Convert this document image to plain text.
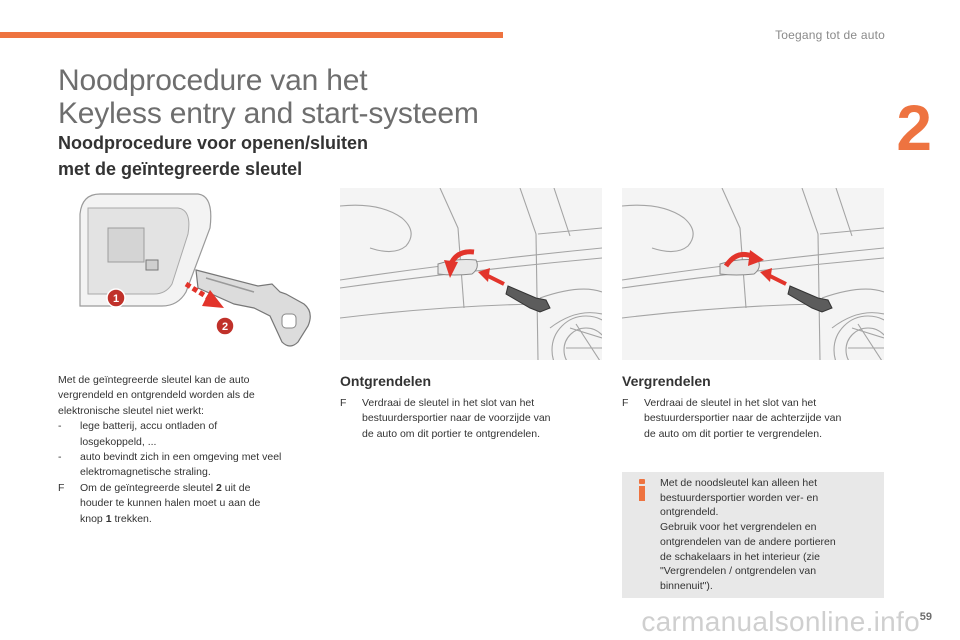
Toegang tot de auto
2
Noodprocedure van het
Keyless entry and start-systeem
Noodprocedure voor openen/sluiten
met de geïntegreerde sleutel
1
2
Met de geïntegreerde sleutel kan de auto
vergrendeld en ontgrendeld worden als de
elektronische sleutel niet werkt:
-	lege batterij, accu ontladen of
losgekoppeld, ...
-	auto bevindt zich in een omgeving met veel
elektromagnetische straling.
F	Om de geïntegreerde sleutel 2 uit de
houder te kunnen halen moet u aan de
knop 1 trekken.
Ontgrendelen
F	Verdraai de sleutel in het slot van het
bestuurdersportier naar de voorzijde van
de auto om dit portier te ontgrendelen.
Vergrendelen
F	Verdraai de sleutel in het slot van het
bestuurdersportier naar de achterzijde van
de auto om dit portier te vergrendelen.
Met de noodsleutel kan alleen het
bestuurdersportier worden ver- en
ontgrendeld.
Gebruik voor het vergrendelen en
ontgrendelen van de andere portieren
de schakelaars in het interieur (zie
"Vergrendelen / ontgrendelen van
binnenuit").
carmanualsonline.info 59
